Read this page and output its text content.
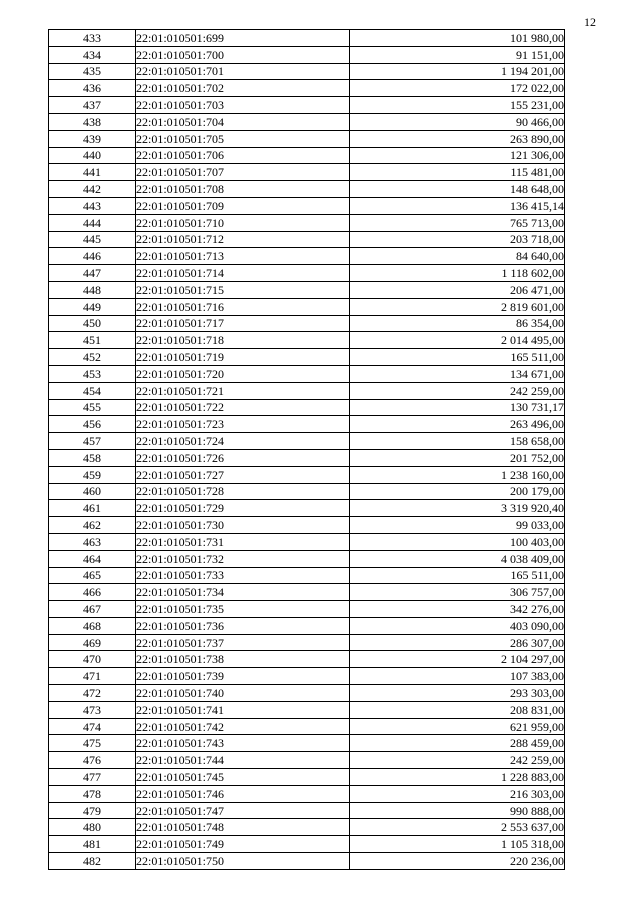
12
433	22:01:010501:699	101 980,00
434	22:01:010501:700	91 151,00
435	22:01:010501:701	1 194 201,00
436	22:01:010501:702	172 022,00
437	22:01:010501:703	155 231,00
438	22:01:010501:704	90 466,00
439	22:01:010501:705	263 890,00
440	22:01:010501:706	121 306,00
441	22:01:010501:707	115 481,00
442	22:01:010501:708	148 648,00
443	22:01:010501:709	136 415,14
444	22:01:010501:710	765 713,00
445	22:01:010501:712	203 718,00
446	22:01:010501:713	84 640,00
447	22:01:010501:714	1 118 602,00
448	22:01:010501:715	206 471,00
449	22:01:010501:716	2 819 601,00
450	22:01:010501:717	86 354,00
451	22:01:010501:718	2 014 495,00
452	22:01:010501:719	165 511,00
453	22:01:010501:720	134 671,00
454	22:01:010501:721	242 259,00
455	22:01:010501:722	130 731,17
456	22:01:010501:723	263 496,00
457	22:01:010501:724	158 658,00
458	22:01:010501:726	201 752,00
459	22:01:010501:727	1 238 160,00
460	22:01:010501:728	200 179,00
461	22:01:010501:729	3 319 920,40
462	22:01:010501:730	99 033,00
463	22:01:010501:731	100 403,00
464	22:01:010501:732	4 038 409,00
465	22:01:010501:733	165 511,00
466	22:01:010501:734	306 757,00
467	22:01:010501:735	342 276,00
468	22:01:010501:736	403 090,00
469	22:01:010501:737	286 307,00
470	22:01:010501:738	2 104 297,00
471	22:01:010501:739	107 383,00
472	22:01:010501:740	293 303,00
473	22:01:010501:741	208 831,00
474	22:01:010501:742	621 959,00
475	22:01:010501:743	288 459,00
476	22:01:010501:744	242 259,00
477	22:01:010501:745	1 228 883,00
478	22:01:010501:746	216 303,00
479	22:01:010501:747	990 888,00
480	22:01:010501:748	2 553 637,00
481	22:01:010501:749	1 105 318,00
482	22:01:010501:750	220 236,00
